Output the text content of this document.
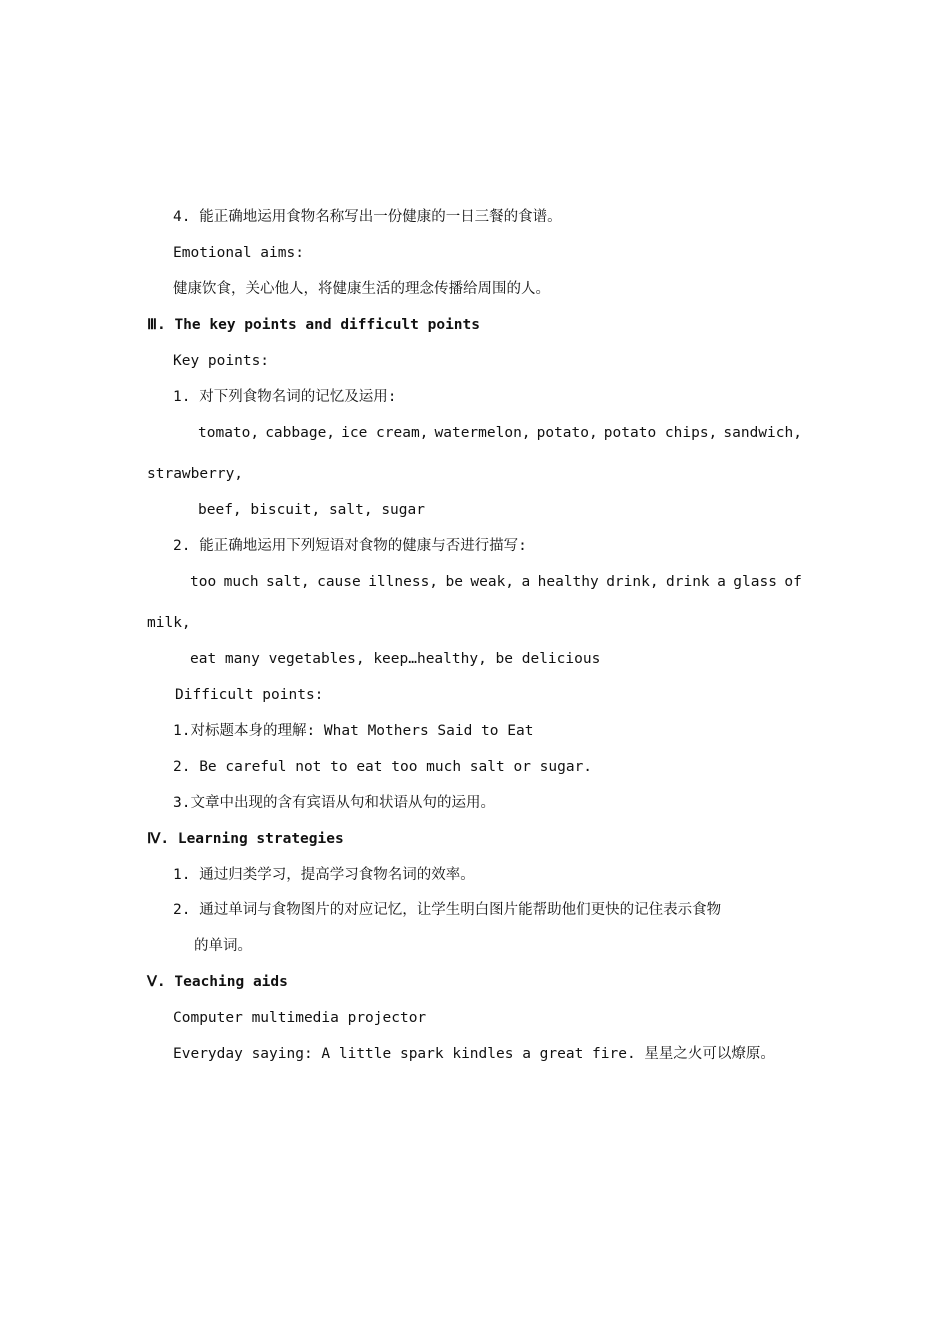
4. 能正确地运用食物名称写出一份健康的一日三餐的食谱。
Emotional aims:
健康饮食，关心他人，将健康生活的理念传播给周围的人。
Ⅲ. The key points and difficult points
Key points:
1. 对下列食物名词的记忆及运用:
tomato, cabbage, ice cream, watermelon, potato, potato chips, sandwich,
strawberry,
beef, biscuit, salt, sugar
2. 能正确地运用下列短语对食物的健康与否进行描写:
too much salt, cause illness, be weak, a healthy drink, drink a glass of
milk,
eat many vegetables, keep…healthy, be delicious
Difficult points:
1.对标题本身的理解: What Mothers Said to Eat
2. Be careful not to eat too much salt or sugar.
3.文章中出现的含有宾语从句和状语从句的运用。
Ⅳ. Learning strategies
1. 通过归类学习，提高学习食物名词的效率。
2. 通过单词与食物图片的对应记忆，让学生明白图片能帮助他们更快的记住表示食物
的单词。
Ⅴ. Teaching aids
Computer multimedia projector
Everyday saying: A little spark kindles a great fire. 星星之火可以燎原。
